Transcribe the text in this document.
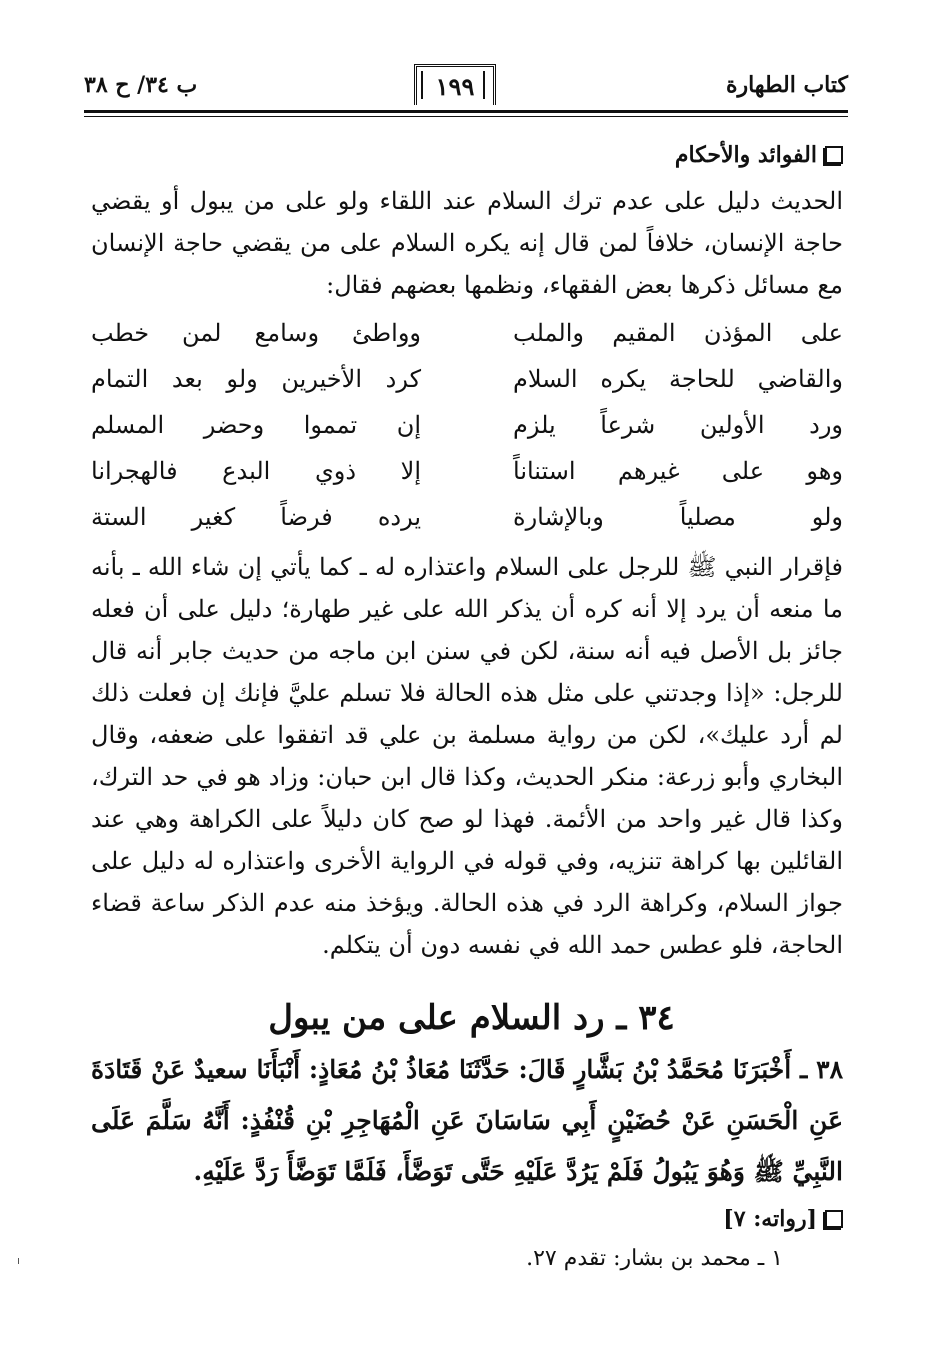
كتاب الطهارة
١٩٩
ب ٣٤/ ح ٣٨
الفوائد والأحكام
الحديث دليل على عدم ترك السلام عند اللقاء ولو على من يبول أو يقضي حاجة الإنسان، خلافاً لمن قال إنه يكره السلام على من يقضي حاجة الإنسان مع مسائل ذكرها بعض الفقهاء، ونظمها بعضهم فقال:
على المؤذن المقيم والملب
وواطئ وسامع لمن خطب
والقاضي للحاجة يكره السلام
كرد الأخيرين ولو بعد التمام
ورد الأولين شرعاً يلزم
إن تمموا وحضر المسلم
وهو على غيرهم استناناً
إلا ذوي البدع فالهجرانا
ولو مصلياً وبالإشارة
يرده فرضاً كغير الستة
فإقرار النبي ﷺ للرجل على السلام واعتذاره له ـ كما يأتي إن شاء الله ـ بأنه ما منعه أن يرد إلا أنه كره أن يذكر الله على غير طهارة؛ دليل على أن فعله جائز بل الأصل فيه أنه سنة، لكن في سنن ابن ماجه من حديث جابر أنه قال للرجل: «إذا وجدتني على مثل هذه الحالة فلا تسلم عليَّ فإنك إن فعلت ذلك لم أرد عليك»، لكن من رواية مسلمة بن علي قد اتفقوا على ضعفه، وقال البخاري وأبو زرعة: منكر الحديث، وكذا قال ابن حبان: وزاد هو في حد الترك، وكذا قال غير واحد من الأئمة. فهذا لو صح كان دليلاً على الكراهة وهي عند القائلين بها كراهة تنزيه، وفي قوله في الرواية الأخرى واعتذاره له دليل على جواز السلام، وكراهة الرد في هذه الحالة. ويؤخذ منه عدم الذكر ساعة قضاء الحاجة، فلو عطس حمد الله في نفسه دون أن يتكلم.
٣٤ ـ رد السلام على من يبول
٣٨ ـ أَخْبَرَنَا مُحَمَّدُ بْنُ بَشَّارٍ قَالَ: حَدَّثَنَا مُعَاذُ بْنُ مُعَاذٍ: أَنْبَأَنَا سعيدٌ عَنْ قَتَادَةَ عَنِ الْحَسَنِ عَنْ حُضَيْنٍ أَبِي سَاسَانَ عَنِ الْمُهَاجِرِ بْنِ قُنْفُذٍ: أَنَّهُ سَلَّمَ عَلَى النَّبِيِّ ﷺ وَهُوَ يَبُولُ فَلَمْ يَرُدَّ عَلَيْهِ حَتَّى تَوَضَّأَ، فَلَمَّا تَوَضَّأَ رَدَّ عَلَيْهِ.
[رواته: ٧]
١ ـ محمد بن بشار: تقدم ٢٧.
